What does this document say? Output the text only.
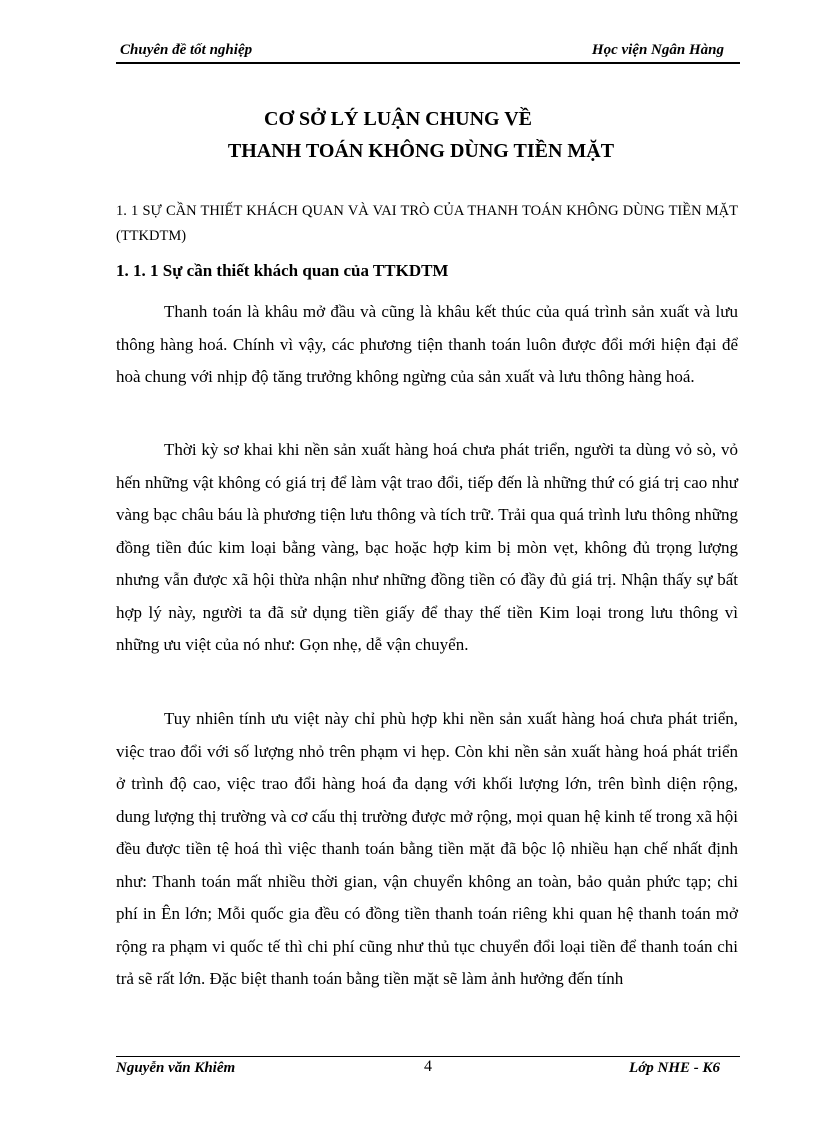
Chuyên đề tốt nghiệp	Học viện Ngân Hàng
CƠ SỞ LÝ LUẬN CHUNG VỀ
THANH TOÁN KHÔNG DÙNG TIỀN MẶT
1. 1 SỰ CẦN THIẾT KHÁCH QUAN VÀ VAI TRÒ CỦA THANH TOÁN KHÔNG DÙNG TIỀN MẶT (TTKDTM)
1. 1. 1 Sự cần thiết khách quan của TTKDTM

Thanh toán là khâu mở đầu và cũng là khâu kết thúc của quá trình sản xuất và lưu thông hàng hoá. Chính vì vậy, các phương tiện thanh toán luôn được đổi mới hiện đại để hoà chung với nhịp độ tăng trưởng không ngừng của sản xuất và lưu thông hàng hoá.

Thời kỳ sơ khai khi nền sản xuất hàng hoá chưa phát triển, người ta dùng vỏ sò, vỏ hến những vật không có giá trị để làm vật trao đổi, tiếp đến là những thứ có giá trị cao như vàng bạc châu báu là phương tiện lưu thông và tích trữ. Trải qua quá trình lưu thông những đồng tiền đúc kim loại bằng vàng, bạc hoặc hợp kim bị mòn vẹt, không đủ trọng lượng nhưng vẫn được xã hội thừa nhận như những đồng tiền có đầy đủ giá trị. Nhận thấy sự bất hợp lý này, người ta đã sử dụng tiền giấy để thay thế tiền Kim loại trong lưu thông vì những ưu việt của nó như: Gọn nhẹ, dễ vận chuyển.

Tuy nhiên tính ưu việt này chỉ phù hợp khi nền sản xuất hàng hoá chưa phát triển, việc trao đổi với số lượng nhỏ trên phạm vi hẹp. Còn khi nền sản xuất hàng hoá phát triển ở trình độ cao, việc trao đổi hàng hoá đa dạng với khối lượng lớn, trên bình diện rộng, dung lượng thị trường và cơ cấu thị trường được mở rộng, mọi quan hệ kinh tế trong xã hội đều được tiền tệ hoá thì việc thanh toán bằng tiền mặt đã bộc lộ nhiều hạn chế nhất định như: Thanh toán mất nhiều thời gian, vận chuyển không an toàn, bảo quản phức tạp; chi phí in Ên lớn; Mỗi quốc gia đều có đồng tiền thanh toán riêng khi quan hệ thanh toán mở rộng ra phạm vi quốc tế thì chi phí cũng như thủ tục chuyển đổi loại tiền để thanh toán chi trả sẽ rất lớn. Đặc biệt thanh toán bằng tiền mặt sẽ làm ảnh hưởng đến tính

Nguyễn văn Khiêm	4	Lớp NHE - K6
